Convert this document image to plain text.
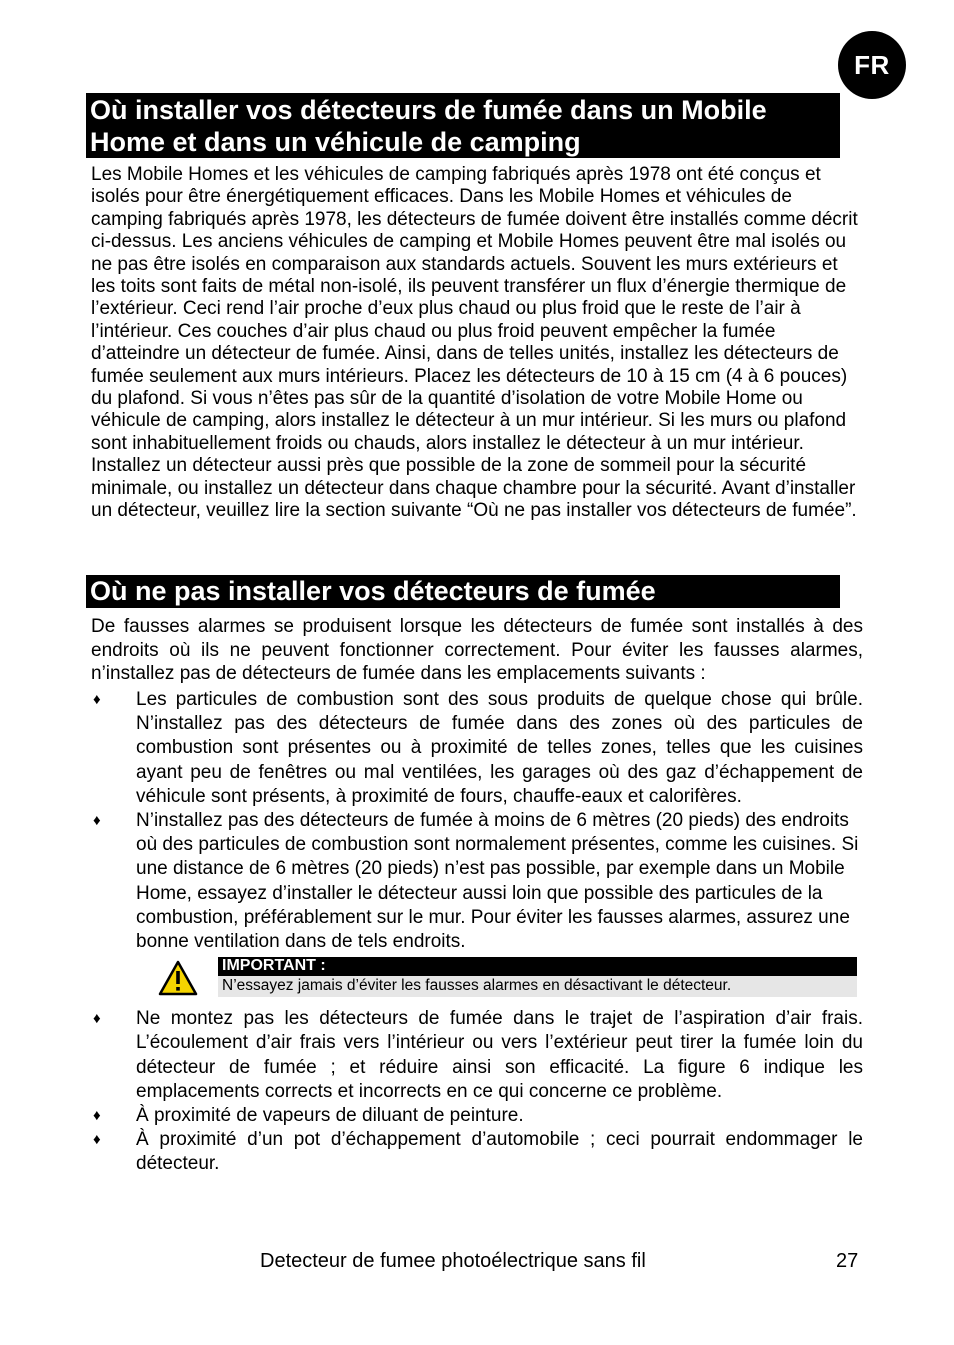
FR
Où installer vos détecteurs de fumée dans un Mobile Home et dans un véhicule de camping

Les Mobile Homes et les véhicules de camping fabriqués après 1978 ont été conçus et isolés pour être énergétiquement efficaces. Dans les Mobile Homes et véhicules de camping fabriqués après 1978, les détecteurs de fumée doivent être installés comme décrit ci-dessus. Les anciens véhicules de camping et Mobile Homes peuvent être mal isolés ou ne pas être isolés en comparaison aux standards actuels. Souvent les murs extérieurs et les toits sont faits de métal non-isolé, ils peuvent transférer un flux d’énergie thermique de l’extérieur. Ceci rend l’air proche d’eux plus chaud ou plus froid que le reste de l’air à l’intérieur. Ces couches d’air plus chaud ou plus froid peuvent empêcher la fumée d’atteindre un détecteur de fumée. Ainsi, dans de telles unités, installez les détecteurs de fumée seulement aux murs intérieurs. Placez les détecteurs de 10 à 15 cm (4 à 6 pouces) du plafond. Si vous n’êtes pas sûr de la quantité d’isolation de votre Mobile Home ou véhicule de camping, alors installez le détecteur à un mur intérieur. Si les murs ou plafond sont inhabituellement froids ou chauds, alors installez le détecteur à un mur intérieur. Installez un détecteur aussi près que possible de la zone de sommeil pour la sécurité minimale, ou installez un détecteur dans chaque chambre pour la sécurité. Avant d’installer un détecteur, veuillez lire la section suivante “Où ne pas installer vos détecteurs de fumée”.

Où ne pas installer vos détecteurs de fumée

De fausses alarmes se produisent lorsque les détecteurs de fumée sont installés à des endroits où ils ne peuvent fonctionner correctement. Pour éviter les fausses alarmes, n’installez pas de détecteurs de fumée dans les emplacements suivants :

♦ Les particules de combustion sont des sous produits de quelque chose qui brûle. N’installez pas des détecteurs de fumée dans des zones où des particules de combustion sont présentes ou à proximité de telles zones, telles que les cuisines ayant peu de fenêtres ou mal ventilées, les garages où des gaz d’échappement de véhicule sont présents, à proximité de fours, chauffe-eaux et calorifères.
♦ N’installez pas des détecteurs de fumée à moins de 6 mètres (20 pieds) des endroits où des particules de combustion sont normalement présentes, comme les cuisines. Si une distance de 6 mètres (20 pieds) n’est pas possible, par exemple dans un Mobile Home, essayez d’installer le détecteur aussi loin que possible des particules de la combustion, préférablement sur le mur. Pour éviter les fausses alarmes, assurez une bonne ventilation dans de tels endroits.
IMPORTANT :
N’essayez jamais d’éviter les fausses alarmes en désactivant le détecteur.
♦ Ne montez pas les détecteurs de fumée dans le trajet de l’aspiration d’air frais. L’écoulement d’air frais vers l’intérieur ou vers l’extérieur peut tirer la fumée loin du détecteur de fumée ; et réduire ainsi son efficacité. La figure 6 indique les emplacements corrects et incorrects en ce qui concerne ce problème.
♦ À proximité de vapeurs de diluant de peinture.
♦ À proximité d’un pot d’échappement d’automobile ; ceci pourrait endommager le détecteur.
Detecteur de fumee photoélectrique sans fil	27
